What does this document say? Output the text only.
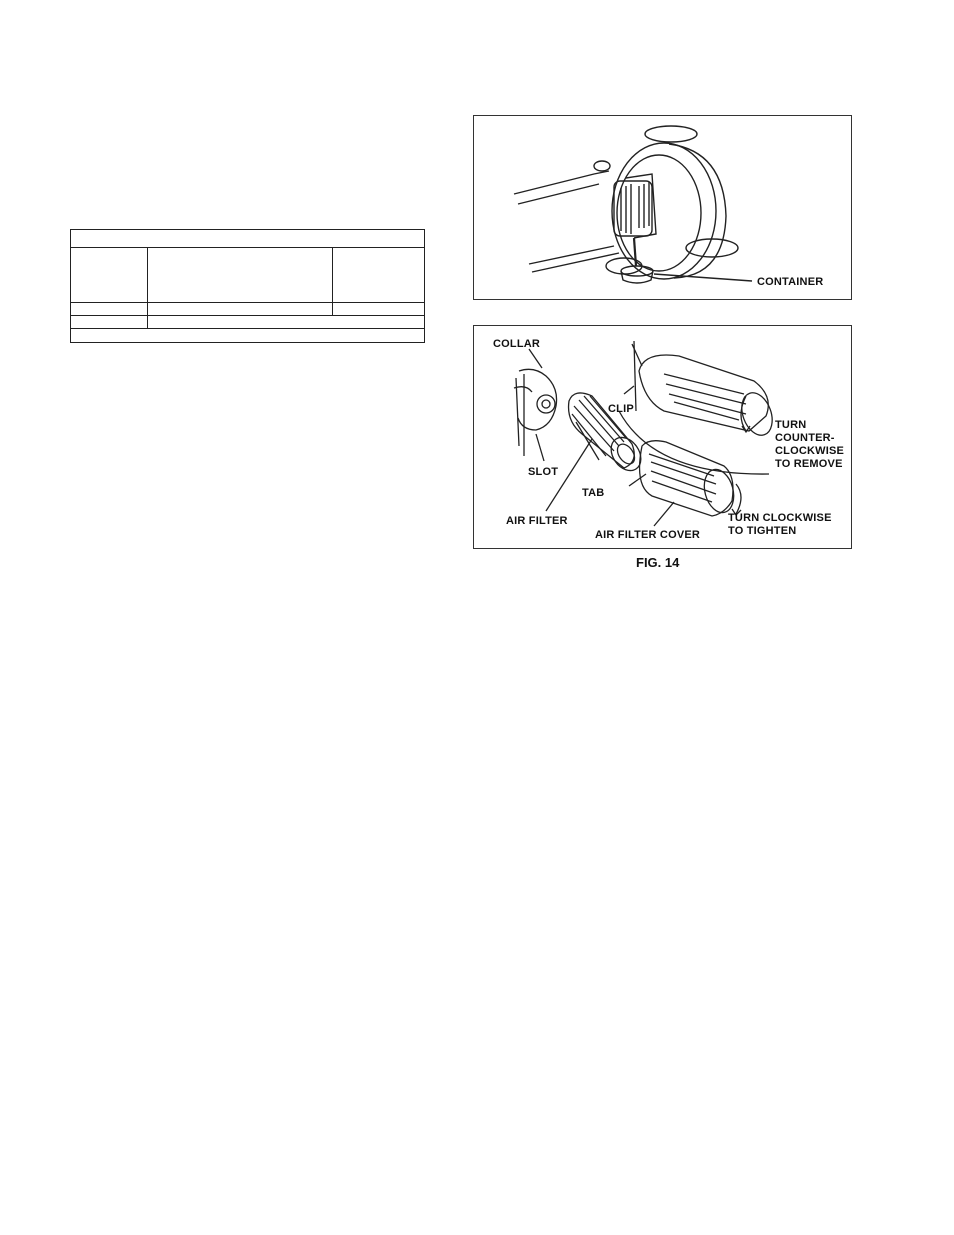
CONTAINER
COLLAR
SLOT
AIR FILTER
CLIP
TAB
AIR FILTER COVER
TURN
COUNTER-
CLOCKWISE
TO REMOVE
TURN CLOCKWISE
TO TIGHTEN
FIG. 14
